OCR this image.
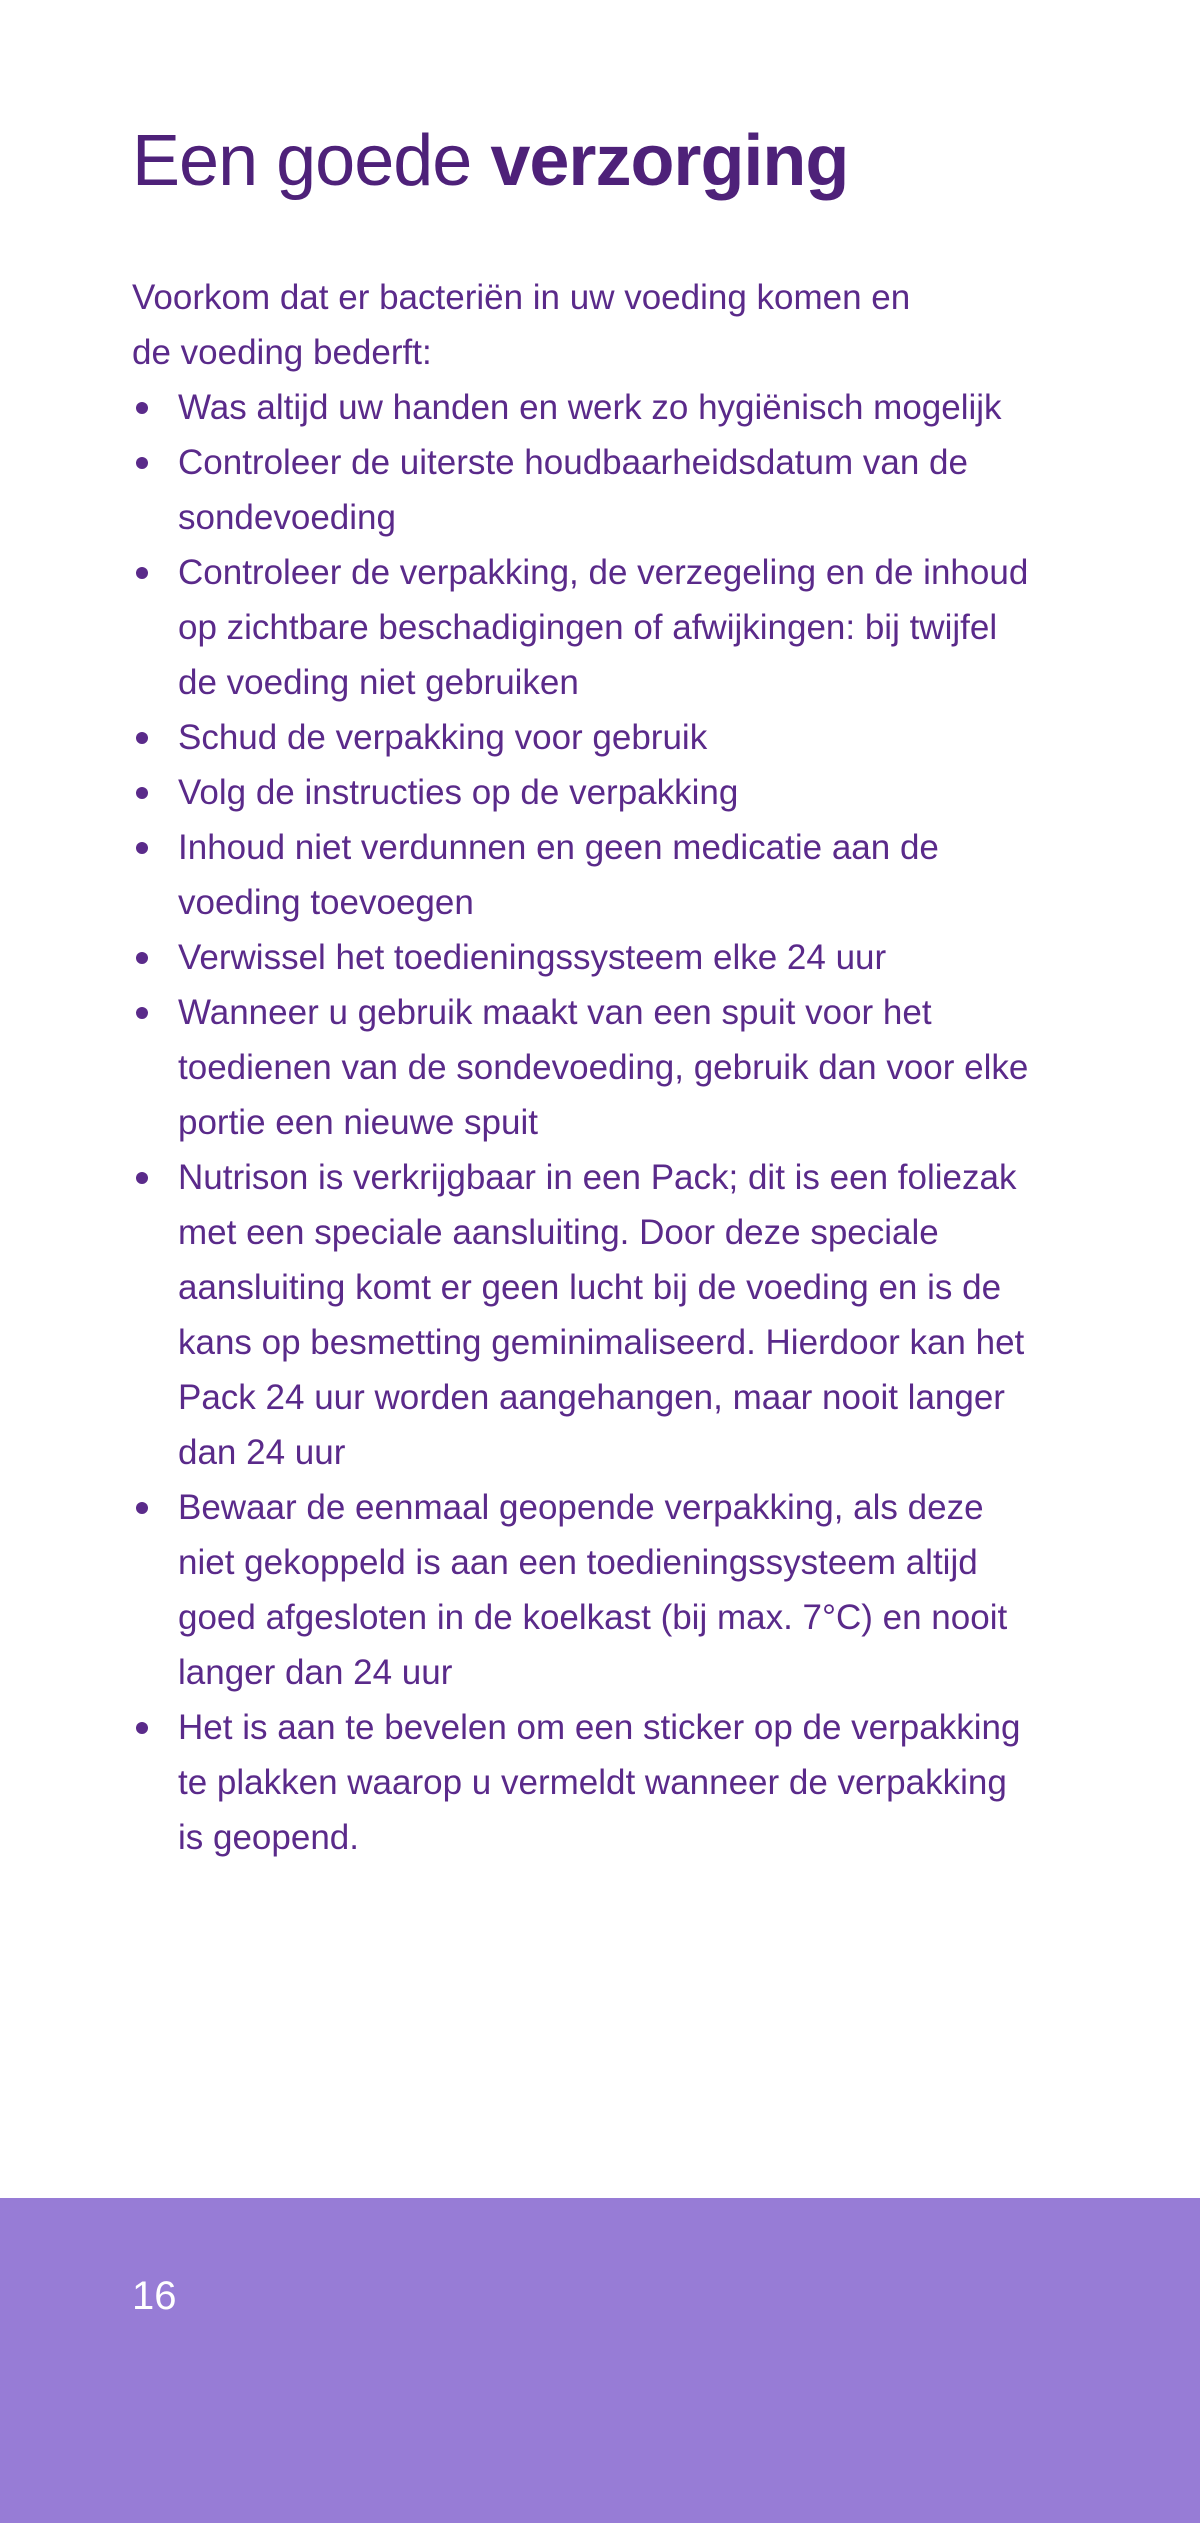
Een goede verzorging

Voorkom dat er bacteriën in uw voeding komen en
de voeding bederft:

Was altijd uw handen en werk zo hygiënisch mogelijk
Controleer de uiterste houdbaarheidsdatum van de
sondevoeding
Controleer de verpakking, de verzegeling en de inhoud
op zichtbare beschadigingen of afwijkingen: bij twijfel
de voeding niet gebruiken
Schud de verpakking voor gebruik
Volg de instructies op de verpakking
Inhoud niet verdunnen en geen medicatie aan de
voeding toevoegen
Verwissel het toedieningssysteem elke 24 uur
Wanneer u gebruik maakt van een spuit voor het
toedienen van de sondevoeding, gebruik dan voor elke
portie een nieuwe spuit
Nutrison is verkrijgbaar in een Pack; dit is een foliezak
met een speciale aansluiting. Door deze speciale
aansluiting komt er geen lucht bij de voeding en is de
kans op besmetting geminimaliseerd. Hierdoor kan het
Pack 24 uur worden aangehangen, maar nooit langer
dan 24 uur
Bewaar de eenmaal geopende verpakking, als deze
niet gekoppeld is aan een toedieningssysteem altijd
goed afgesloten in de koelkast (bij max. 7°C) en nooit
langer dan 24 uur
Het is aan te bevelen om een sticker op de verpakking
te plakken waarop u vermeldt wanneer de verpakking
is geopend.
16
